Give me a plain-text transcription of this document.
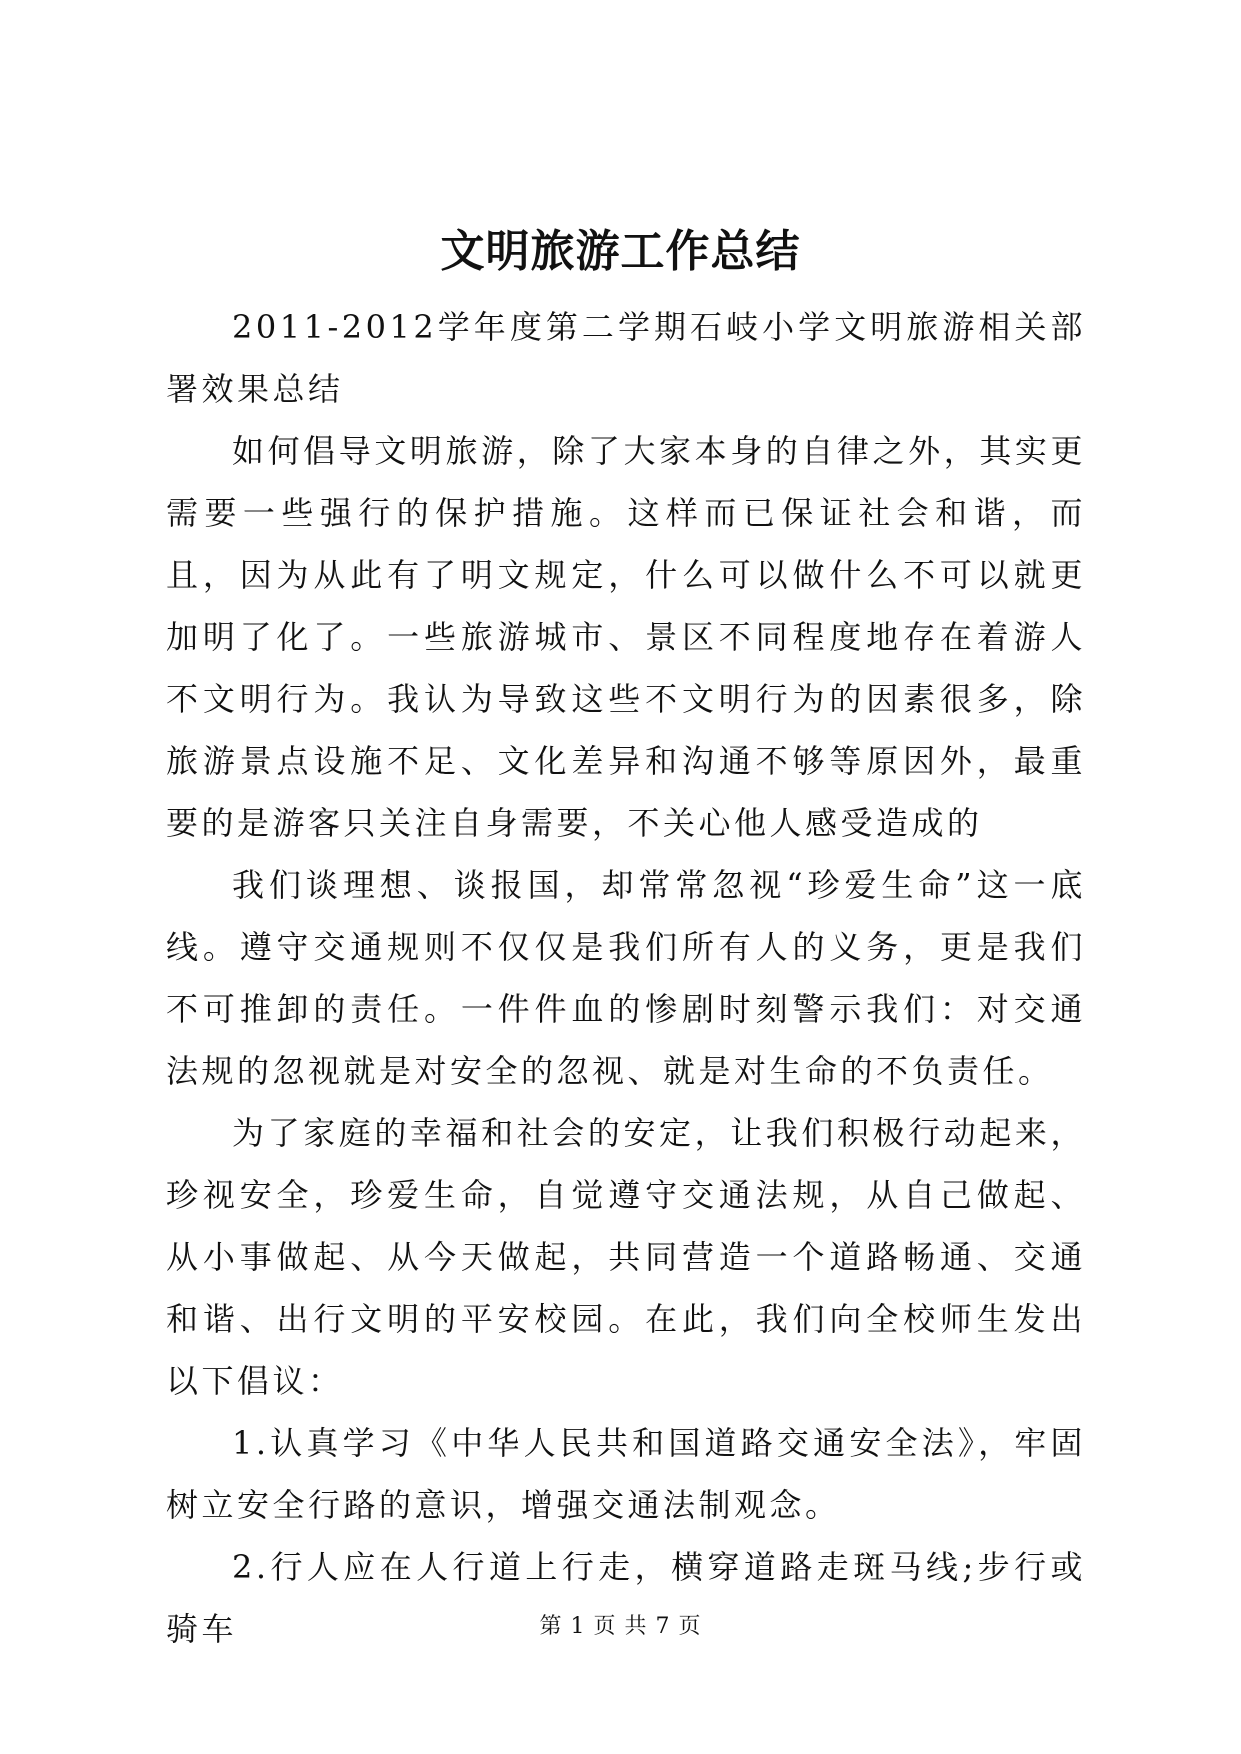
文明旅游工作总结

2011-2012学年度第二学期石岐小学文明旅游相关部署效果总结

如何倡导文明旅游，除了大家本身的自律之外，其实更需要一些强行的保护措施。这样而已保证社会和谐，而且，因为从此有了明文规定，什么可以做什么不可以就更加明了化了。一些旅游城市、景区不同程度地存在着游人不文明行为。我认为导致这些不文明行为的因素很多，除旅游景点设施不足、文化差异和沟通不够等原因外，最重要的是游客只关注自身需要，不关心他人感受造成的

我们谈理想、谈报国，却常常忽视“珍爱生命”这一底线。遵守交通规则不仅仅是我们所有人的义务，更是我们不可推卸的责任。一件件血的惨剧时刻警示我们：对交通法规的忽视就是对安全的忽视、就是对生命的不负责任。

为了家庭的幸福和社会的安定，让我们积极行动起来，珍视安全，珍爱生命，自觉遵守交通法规，从自己做起、从小事做起、从今天做起，共同营造一个道路畅通、交通和谐、出行文明的平安校园。在此，我们向全校师生发出以下倡议：

1.认真学习《中华人民共和国道路交通安全法》，牢固树立安全行路的意识，增强交通法制观念。

2.行人应在人行道上行走，横穿道路走斑马线;步行或骑车	第 1 页 共 7 页
